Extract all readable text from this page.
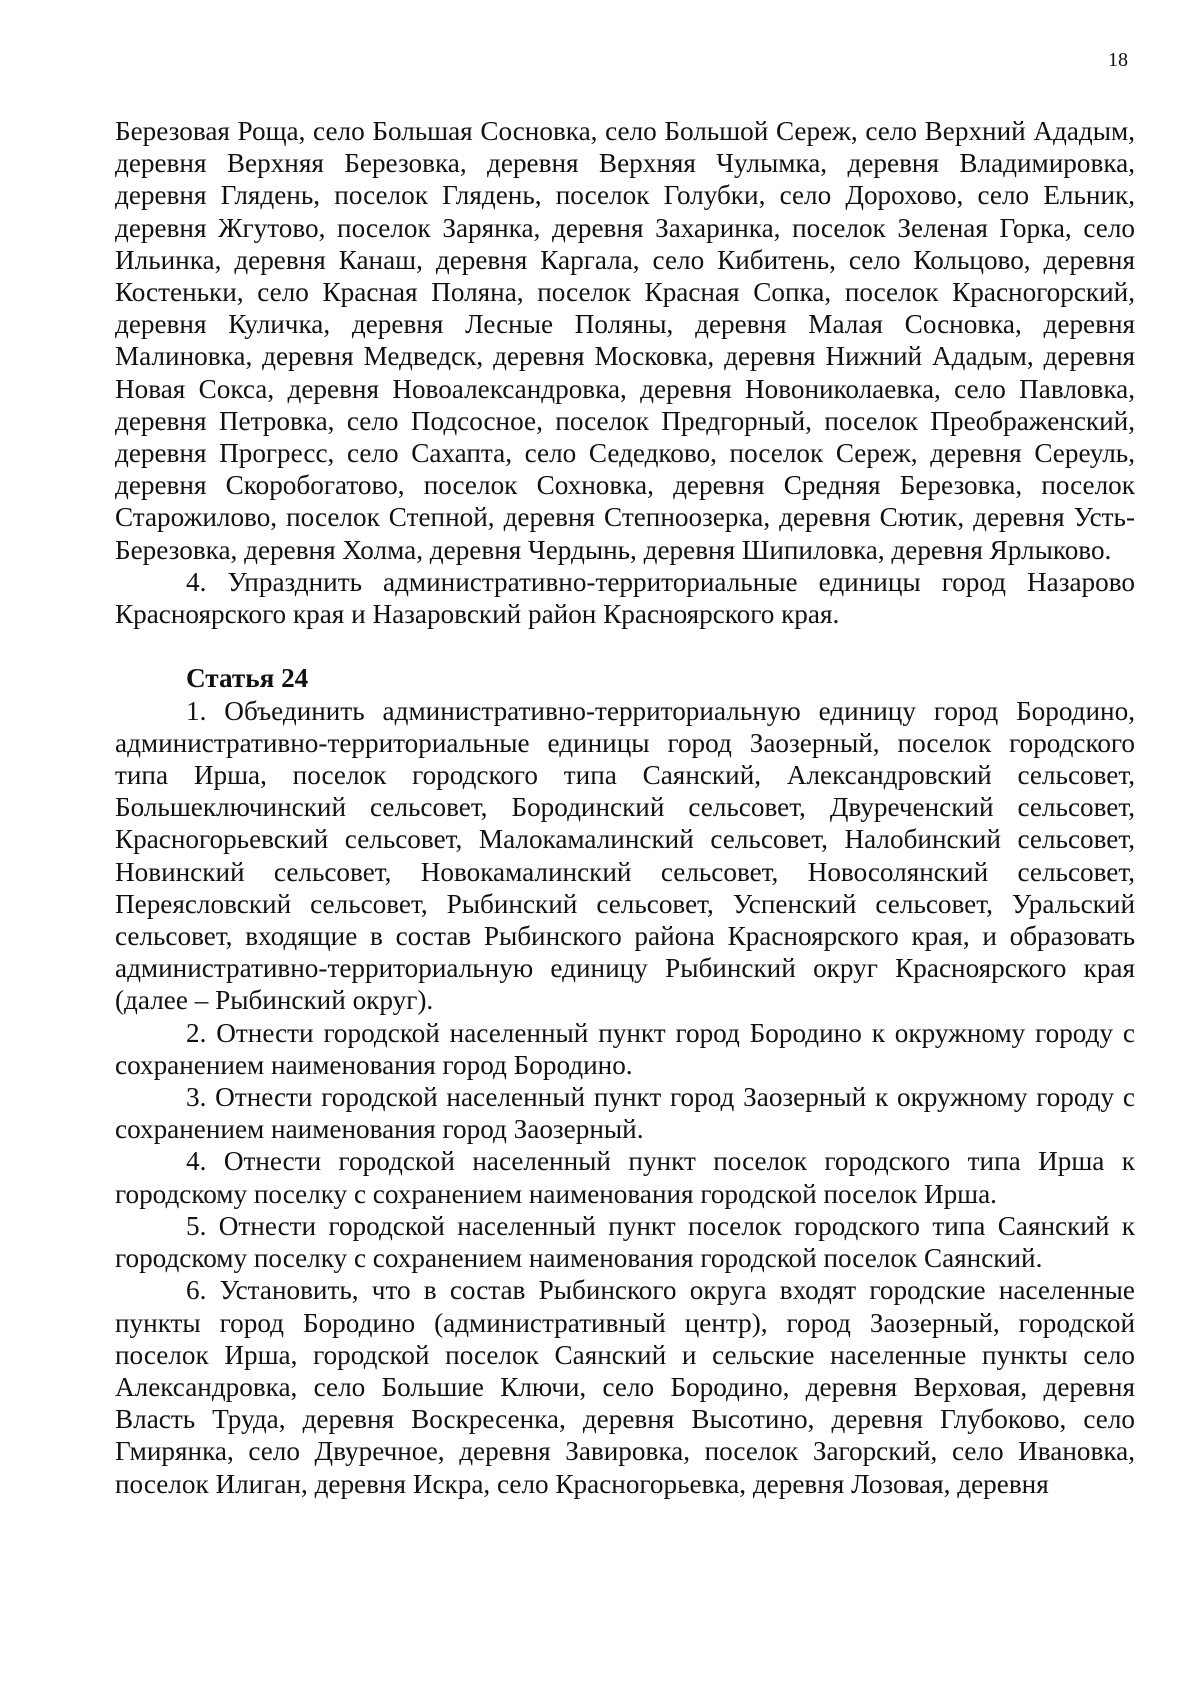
18

Березовая Роща, село Большая Сосновка, село Большой Сереж, село Верхний Ададым, деревня Верхняя Березовка, деревня Верхняя Чулымка, деревня Владимировка, деревня Глядень, поселок Глядень, поселок Голубки, село Дорохово, село Ельник, деревня Жгутово, поселок Зарянка, деревня Захаринка, поселок Зеленая Горка, село Ильинка, деревня Канаш, деревня Каргала, село Кибитень, село Кольцово, деревня Костеньки, село Красная Поляна, поселок Красная Сопка, поселок Красногорский, деревня Куличка, деревня Лесные Поляны, деревня Малая Сосновка, деревня Малиновка, деревня Медведск, деревня Московка, деревня Нижний Ададым, деревня Новая Сокса, деревня Новоалександровка, деревня Новониколаевка, село Павловка, деревня Петровка, село Подсосное, поселок Предгорный, поселок Преображенский, деревня Прогресс, село Сахапта, село Седедково, поселок Сереж, деревня Сереуль, деревня Скоробогатово, поселок Сохновка, деревня Средняя Березовка, поселок Старожилово, поселок Степной, деревня Степноозерка, деревня Сютик, деревня Усть-Березовка, деревня Холма, деревня Чердынь, деревня Шипиловка, деревня Ярлыково.

4. Упразднить административно-территориальные единицы город Назарово Красноярского края и Назаровский район Красноярского края.

Статья 24

1. Объединить административно-территориальную единицу город Бородино, административно-территориальные единицы город Заозерный, поселок городского типа Ирша, поселок городского типа Саянский, Александровский сельсовет, Большеключинский сельсовет, Бородинский сельсовет, Двуреченский сельсовет, Красногорьевский сельсовет, Малокамалинский сельсовет, Налобинский сельсовет, Новинский сельсовет, Новокамалинский сельсовет, Новосолянский сельсовет, Переясловский сельсовет, Рыбинский сельсовет, Успенский сельсовет, Уральский сельсовет, входящие в состав Рыбинского района Красноярского края, и образовать административно-территориальную единицу Рыбинский округ Красноярского края (далее – Рыбинский округ).

2. Отнести городской населенный пункт город Бородино к окружному городу с сохранением наименования город Бородино.

3. Отнести городской населенный пункт город Заозерный к окружному городу с сохранением наименования город Заозерный.

4. Отнести городской населенный пункт поселок городского типа Ирша к городскому поселку с сохранением наименования городской поселок Ирша.

5. Отнести городской населенный пункт поселок городского типа Саянский к городскому поселку с сохранением наименования городской поселок Саянский.

6. Установить, что в состав Рыбинского округа входят городские населенные пункты город Бородино (административный центр), город Заозерный, городской поселок Ирша, городской поселок Саянский и сельские населенные пункты село Александровка, село Большие Ключи, село Бородино, деревня Верховая, деревня Власть Труда, деревня Воскресенка, деревня Высотино, деревня Глубоково, село Гмирянка, село Двуречное, деревня Завировка, поселок Загорский, село Ивановка, поселок Илиган, деревня Искра, село Красногорьевка, деревня Лозовая, деревня
